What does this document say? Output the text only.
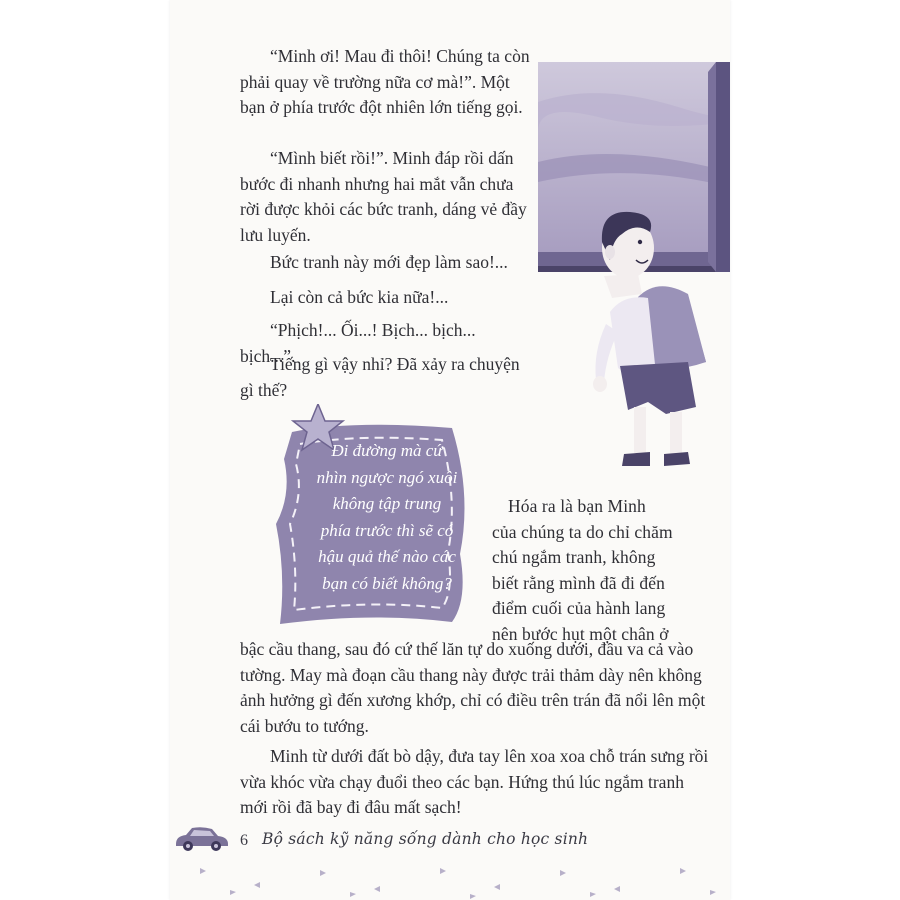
“Minh ơi! Mau đi thôi! Chúng ta còn phải quay về trường nữa cơ mà!”. Một bạn ở phía trước đột nhiên lớn tiếng gọi.
“Mình biết rồi!”. Minh đáp rồi dấn bước đi nhanh nhưng hai mắt vẫn chưa rời được khỏi các bức tranh, dáng vẻ đầy lưu luyến.
Bức tranh này mới đẹp làm sao!...
Lại còn cả bức kia nữa!...
“Phịch!... Ối...! Bịch... bịch... bịch...”.
Tiếng gì vậy nhỉ? Đã xảy ra chuyện gì thế?
Đi đường mà cứ
nhìn ngược ngó xuôi
không tập trung
phía trước thì sẽ có
hậu quả thế nào các
bạn có biết không?
Hóa ra là bạn Minh
của chúng ta do chỉ chăm
chú ngắm tranh, không
biết rằng mình đã đi đến
điểm cuối của hành lang
nên bước hụt một chân ở
bậc cầu thang, sau đó cứ thế lăn tự do xuống dưới, đầu va cả vào
tường. May mà đoạn cầu thang này được trải thảm dày nên không
ảnh hưởng gì đến xương khớp, chỉ có điều trên trán đã nổi lên một
cái bướu to tướng.
Minh từ dưới đất bò dậy, đưa tay lên xoa xoa chỗ trán sưng rồi
vừa khóc vừa chạy đuổi theo các bạn. Hứng thú lúc ngắm tranh
mới rồi đã bay đi đâu mất sạch!
6 Bộ sách kỹ năng sống dành cho học sinh
